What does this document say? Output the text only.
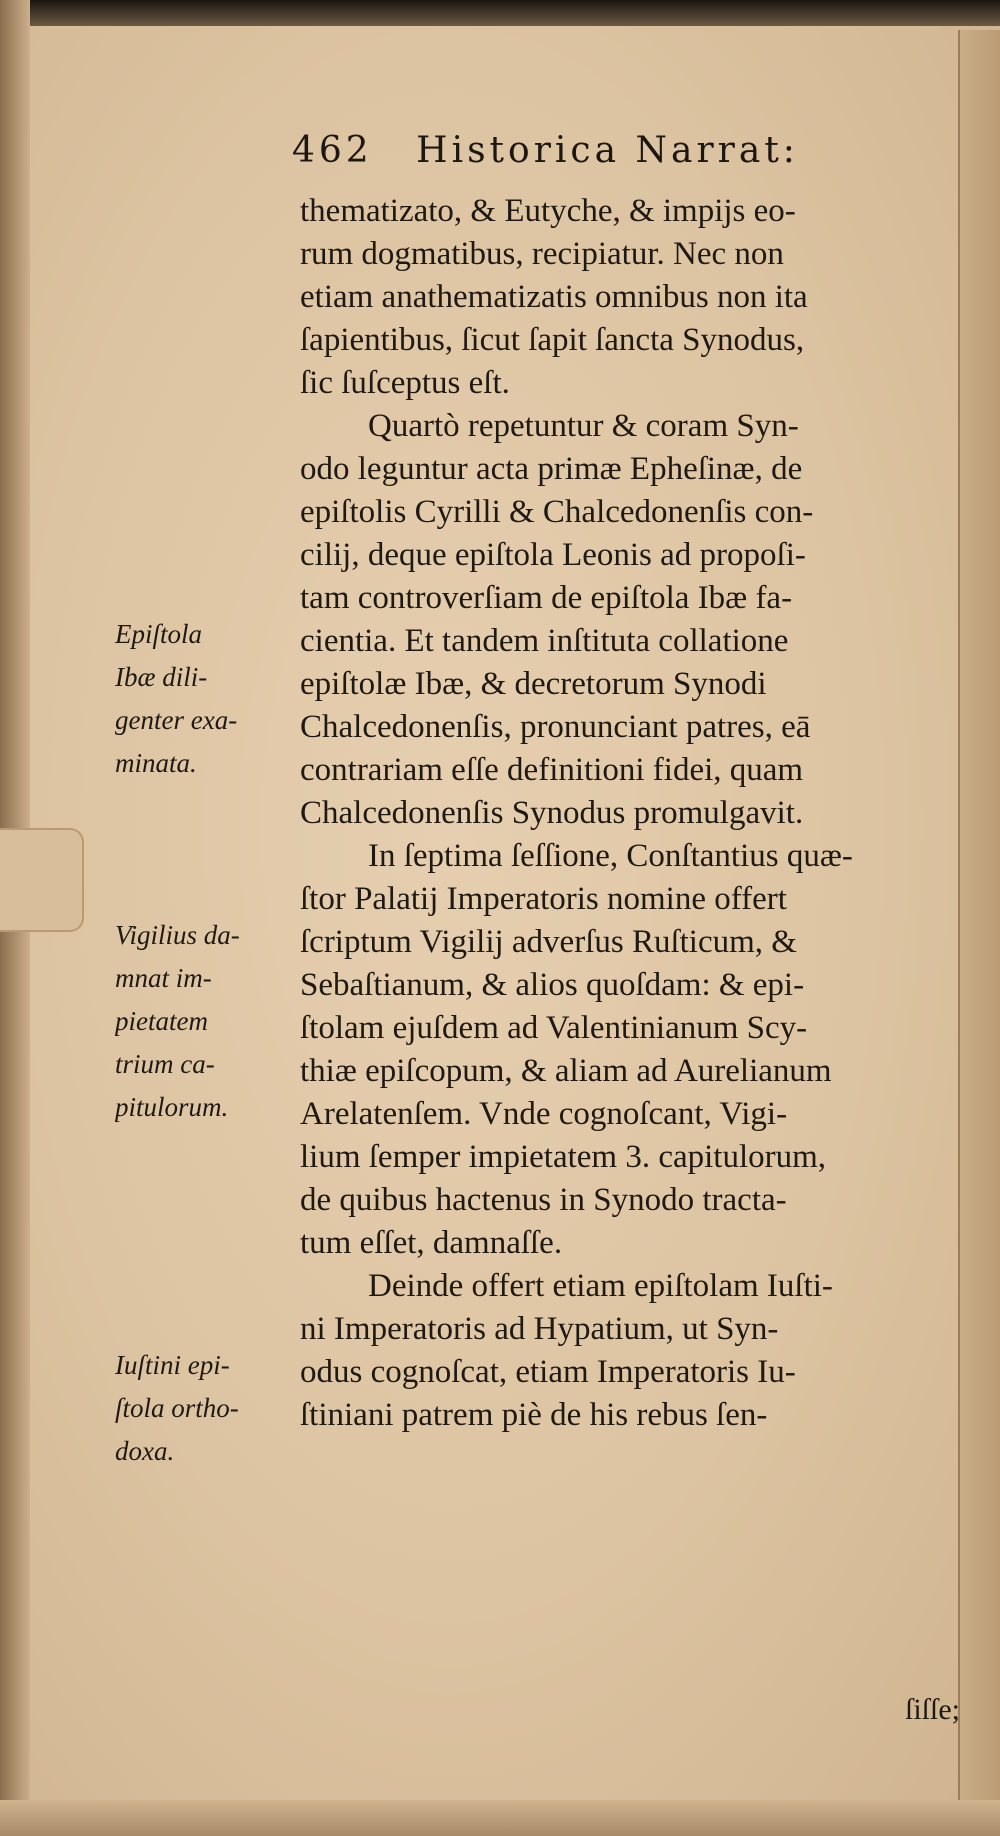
462 Historica Narrat:
thematizato, & Eutyche, & impijs eo-
rum dogmatibus, recipiatur. Nec non
etiam anathematizatis omnibus non ita
ſapientibus, ſicut ſapit ſancta Synodus,
ſic ſuſceptus eſt.
Quartò repetuntur & coram Syn-
odo leguntur acta primæ Epheſinæ, de
epiſtolis Cyrilli & Chalcedonenſis con-
cilij, deque epiſtola Leonis ad propoſi-
tam controverſiam de epiſtola Ibæ fa-
cientia. Et tandem inſtituta collatione
epiſtolæ Ibæ, & decretorum Synodi
Chalcedonenſis, pronunciant patres, eā
contrariam eſſe definitioni fidei, quam
Chalcedonenſis Synodus promulgavit.
In ſeptima ſeſſione, Conſtantius quæ-
ſtor Palatij Imperatoris nomine offert
ſcriptum Vigilij adverſus Ruſticum, &
Sebaſtianum, & alios quoſdam: & epi-
ſtolam ejuſdem ad Valentinianum Scy-
thiæ epiſcopum, & aliam ad Aurelianum
Arelatenſem. Vnde cognoſcant, Vigi-
lium ſemper impietatem 3. capitulorum,
de quibus hactenus in Synodo tracta-
tum eſſet, damnaſſe.
Deinde offert etiam epiſtolam Iuſti-
ni Imperatoris ad Hypatium, ut Syn-
odus cognoſcat, etiam Imperatoris Iu-
ſtiniani patrem piè de his rebus ſen-
Epiſtola
Ibæ dili-
genter exa-
minata.
Vigilius da-
mnat im-
pietatem
trium ca-
pitulorum.
Iuſtini epi-
ſtola ortho-
doxa.
ſiſſe;
